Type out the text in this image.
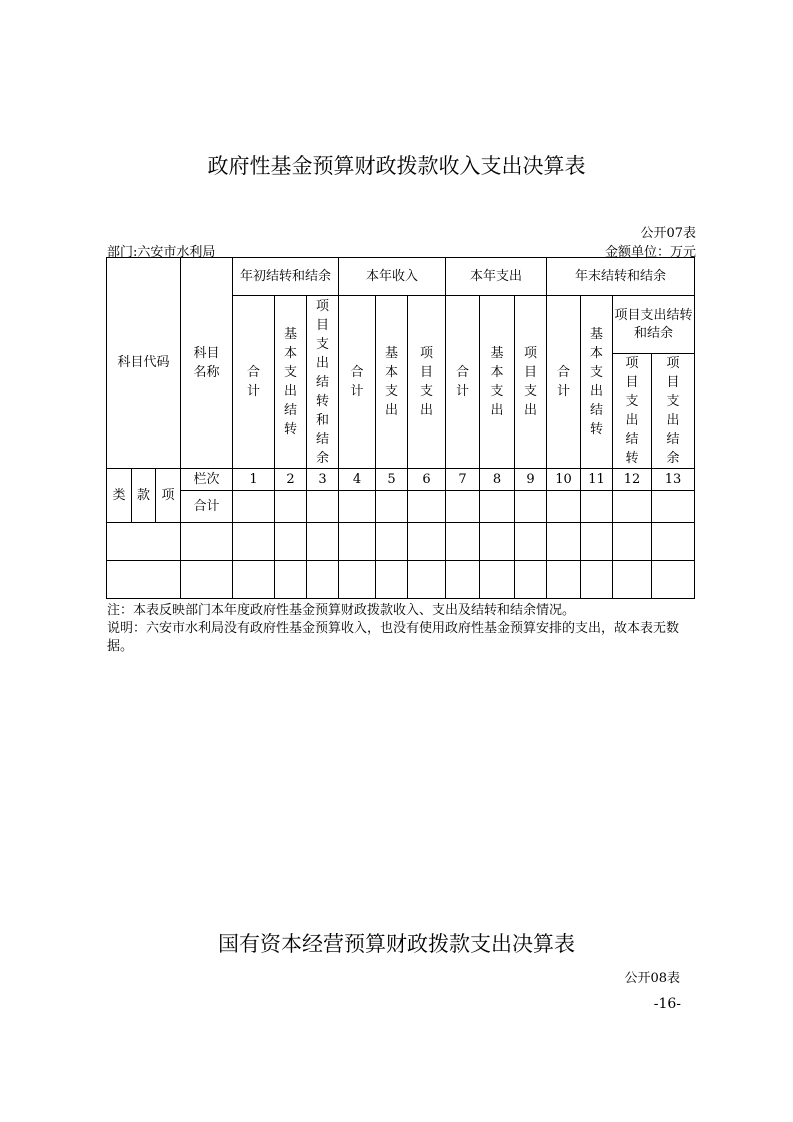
政府性基金预算财政拨款收入支出决算表
公开07表
部门:六安市水利局	金额单位：万元
科目代码			科目名称	年初结转和结余			本年收入			本年支出			年末结转和结余			
				合计	基本支出结转	项目支出结转和结余	合计	基本支出	项目支出	合计	基本支出	项目支出	合计	基本支出结转	项目支出结转和结余	
															项目支出结转	项目支出结余
类	款	项	栏次	1	2	3	4	5	6	7	8	9	10	11	12	13
			合计													

注：本表反映部门本年度政府性基金预算财政拨款收入、支出及结转和结余情况。
说明：六安市水利局没有政府性基金预算收入，也没有使用政府性基金预算安排的支出，故本表无数据。
国有资本经营预算财政拨款支出决算表
公开08表
-16-
